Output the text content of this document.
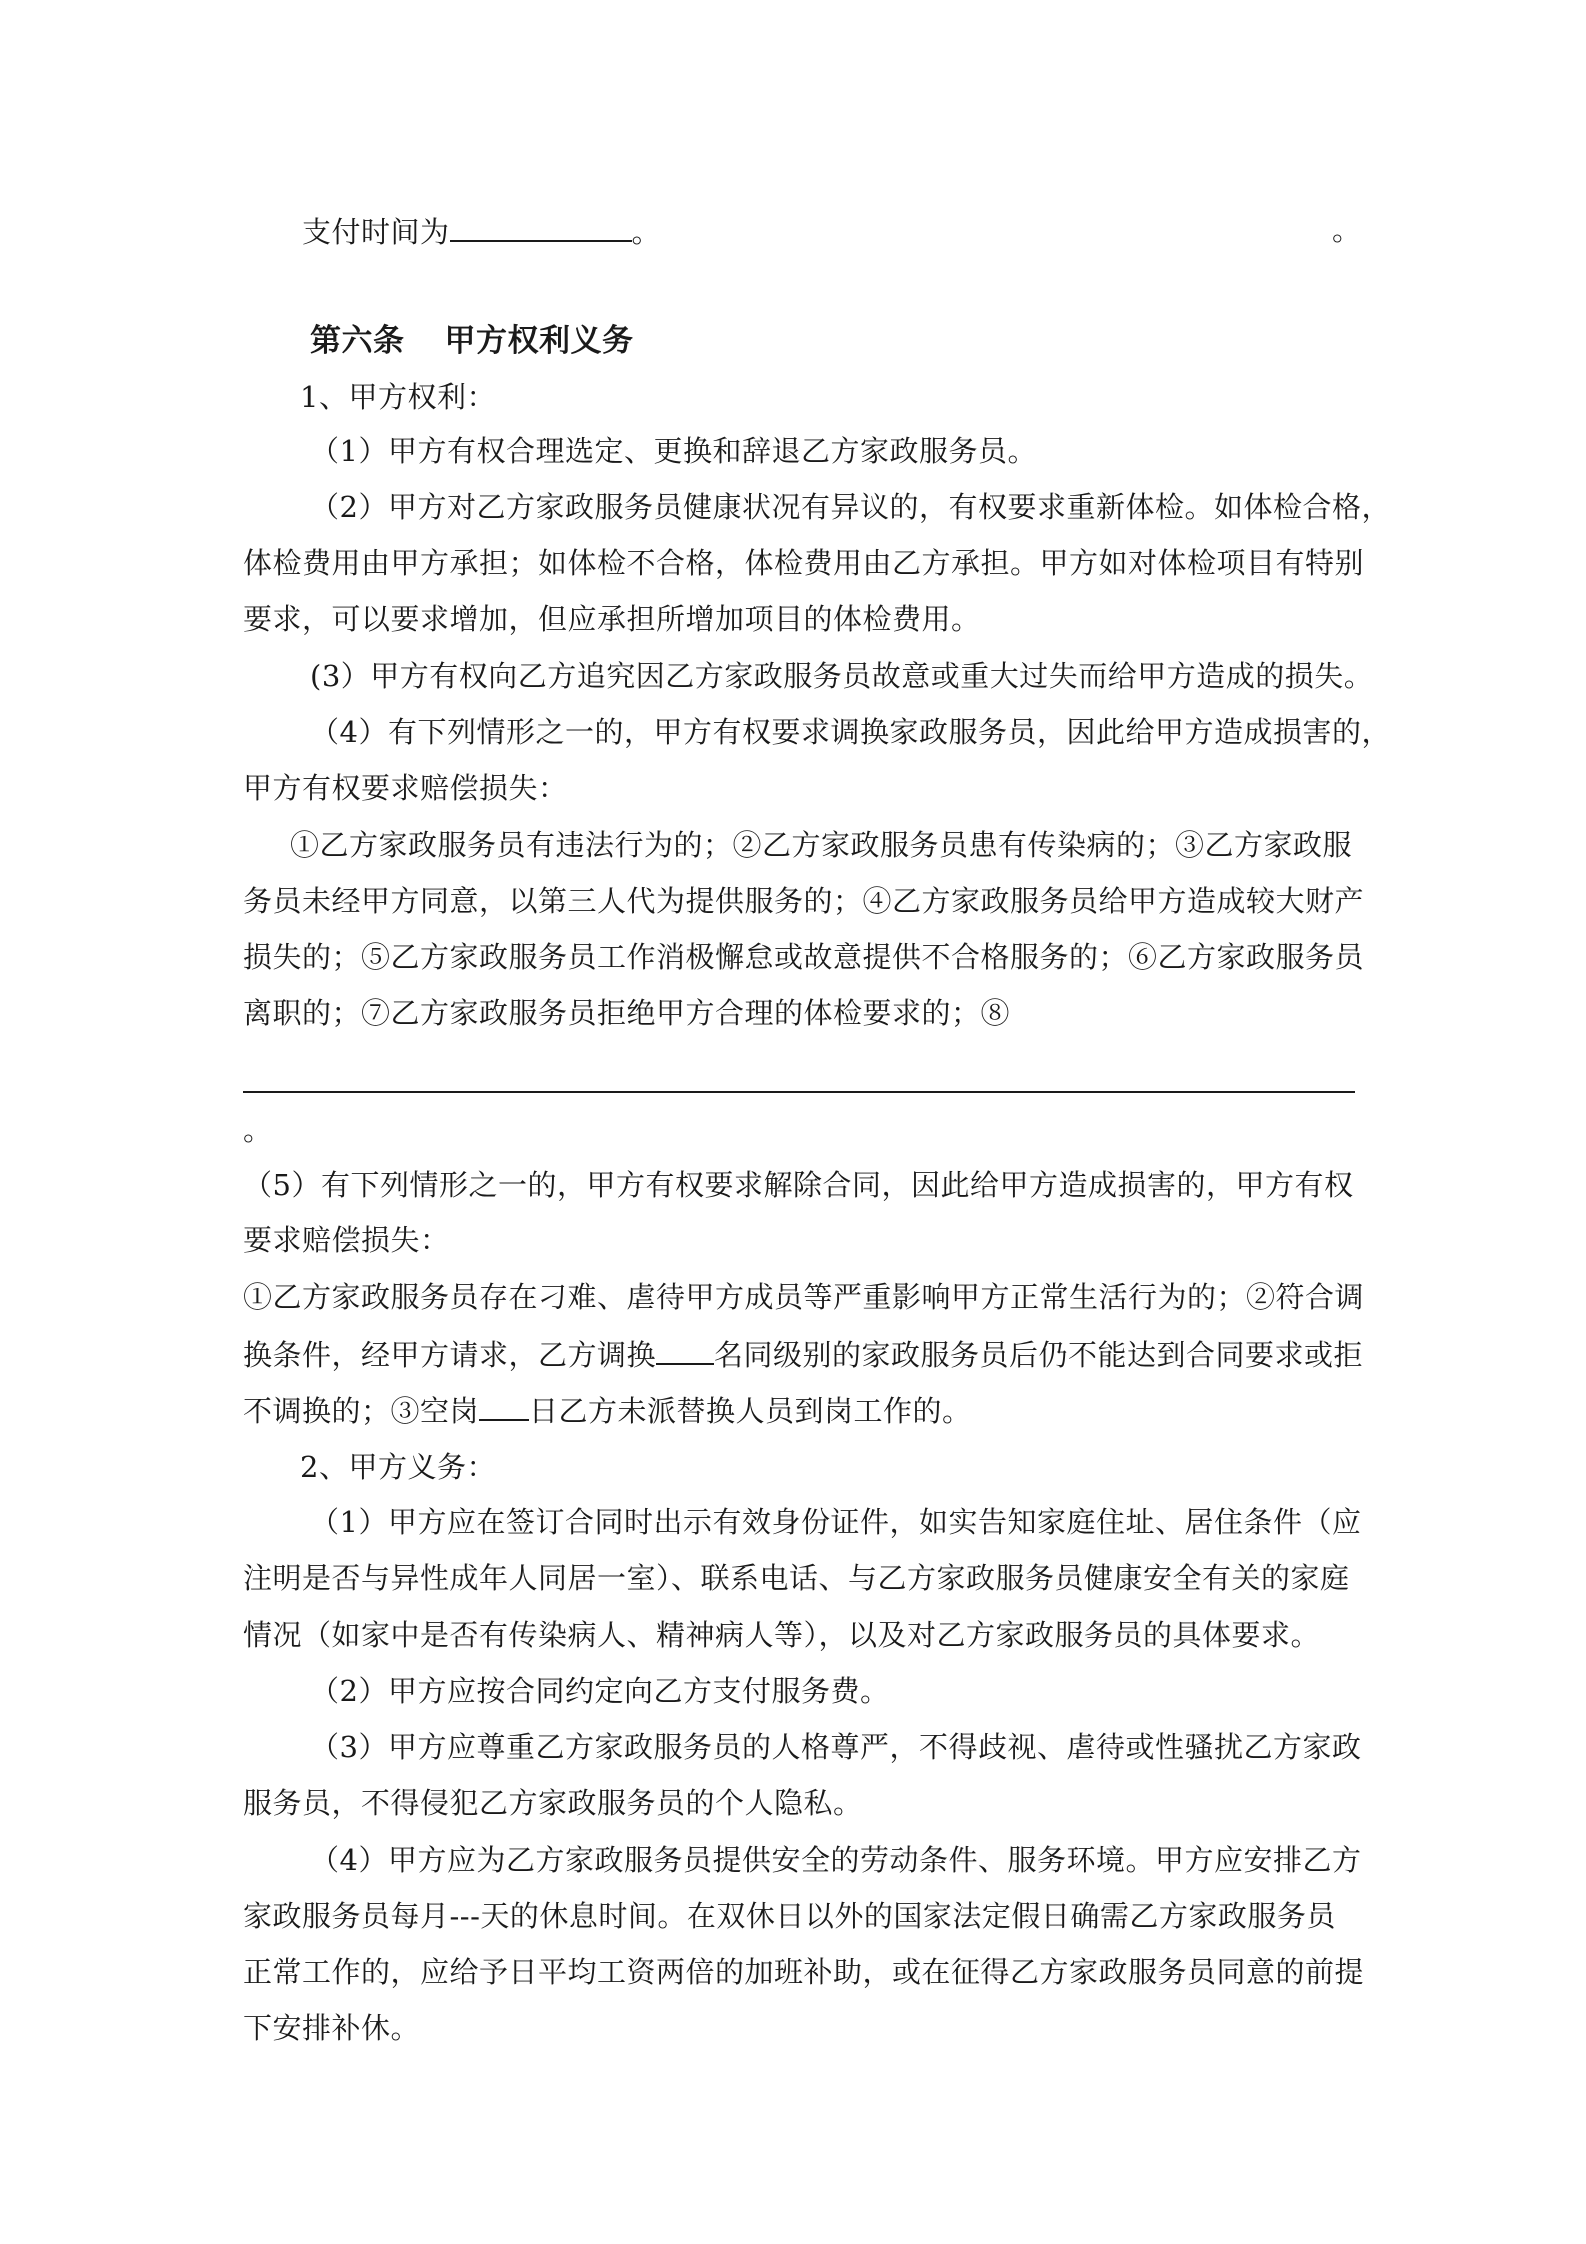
支付时间为	。	。
第六条 甲方权利义务
1、甲方权利：
（1）甲方有权合理选定、更换和辞退乙方家政服务员。
（2）甲方对乙方家政服务员健康状况有异议的，有权要求重新体检。如体检合格，
体检费用由甲方承担；如体检不合格，体检费用由乙方承担。甲方如对体检项目有特别
要求，可以要求增加，但应承担所增加项目的体检费用。
(3）甲方有权向乙方追究因乙方家政服务员故意或重大过失而给甲方造成的损失。
（4）有下列情形之一的，甲方有权要求调换家政服务员，因此给甲方造成损害的，
甲方有权要求赔偿损失：
①乙方家政服务员有违法行为的；②乙方家政服务员患有传染病的；③乙方家政服
务员未经甲方同意，以第三人代为提供服务的；④乙方家政服务员给甲方造成较大财产
损失的；⑤乙方家政服务员工作消极懈怠或故意提供不合格服务的；⑥乙方家政服务员
离职的；⑦乙方家政服务员拒绝甲方合理的体检要求的；⑧
。
（5）有下列情形之一的，甲方有权要求解除合同，因此给甲方造成损害的，甲方有权
要求赔偿损失：
①乙方家政服务员存在刁难、虐待甲方成员等严重影响甲方正常生活行为的；②符合调
换条件，经甲方请求，乙方调换 名同级别的家政服务员后仍不能达到合同要求或拒
不调换的；③空岗 日乙方未派替换人员到岗工作的。
2、甲方义务：
（1）甲方应在签订合同时出示有效身份证件，如实告知家庭住址、居住条件（应
注明是否与异性成年人同居一室）、联系电话、与乙方家政服务员健康安全有关的家庭
情况（如家中是否有传染病人、精神病人等），以及对乙方家政服务员的具体要求。
（2）甲方应按合同约定向乙方支付服务费。
（3）甲方应尊重乙方家政服务员的人格尊严，不得歧视、虐待或性骚扰乙方家政
服务员，不得侵犯乙方家政服务员的个人隐私。
（4）甲方应为乙方家政服务员提供安全的劳动条件、服务环境。甲方应安排乙方
家政服务员每月---天的休息时间。在双休日以外的国家法定假日确需乙方家政服务员
正常工作的，应给予日平均工资两倍的加班补助，或在征得乙方家政服务员同意的前提
下安排补休。
